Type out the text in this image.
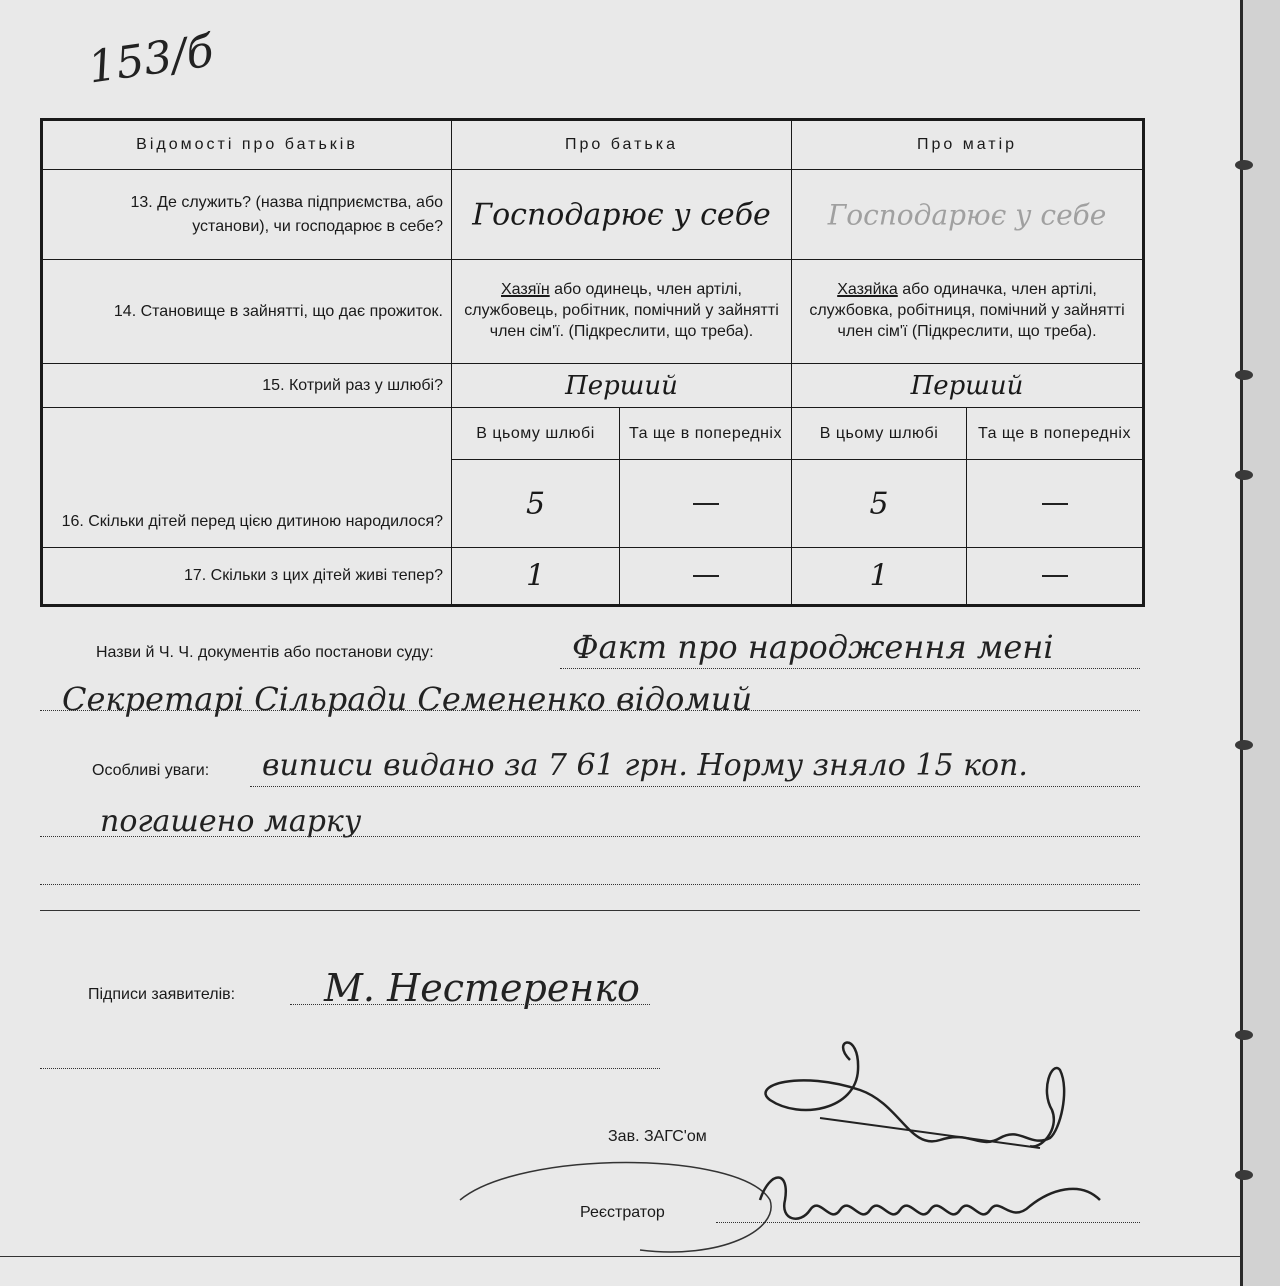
153/б
Відомості про батьків	Про батька		Про матір	
13. Де служить? (назва підприємства, або установи), чи господарює в себе?	Господарює у себе		Господарює у себе	

14. Становище в зайнятті, що дає прожиток.	Хазяїн або одинець, член артілі, службовець, робітник, помічний у зайнятті член сім'ї. (Підкреслити, що треба).		Хазяйка або одиначка, член артілі, службовка, робітниця, помічний у зайнятті член сім'ї (Підкреслити, що треба).	
15. Котрий раз у шлюбі?	Перший		Перший	

16. Скільки дітей перед цією дитиною народилося?	В цьому шлюбі	Та ще в попередніх	В цьому шлюбі	Та ще в попередніх

	5		5	

17. Скільки з цих дітей живі тепер?	1		1	

Назви й Ч. Ч. документів або постанови суду:	Факт про народження мені
Секретарі Сільради Семененко відомий
Особливі уваги: виписи видано за 7 61 грн. Норму зняло 15 коп.
погашено марку
Підписи заявителів: М. Нестеренко
Зав. ЗАГС'ом
Реєстратор
